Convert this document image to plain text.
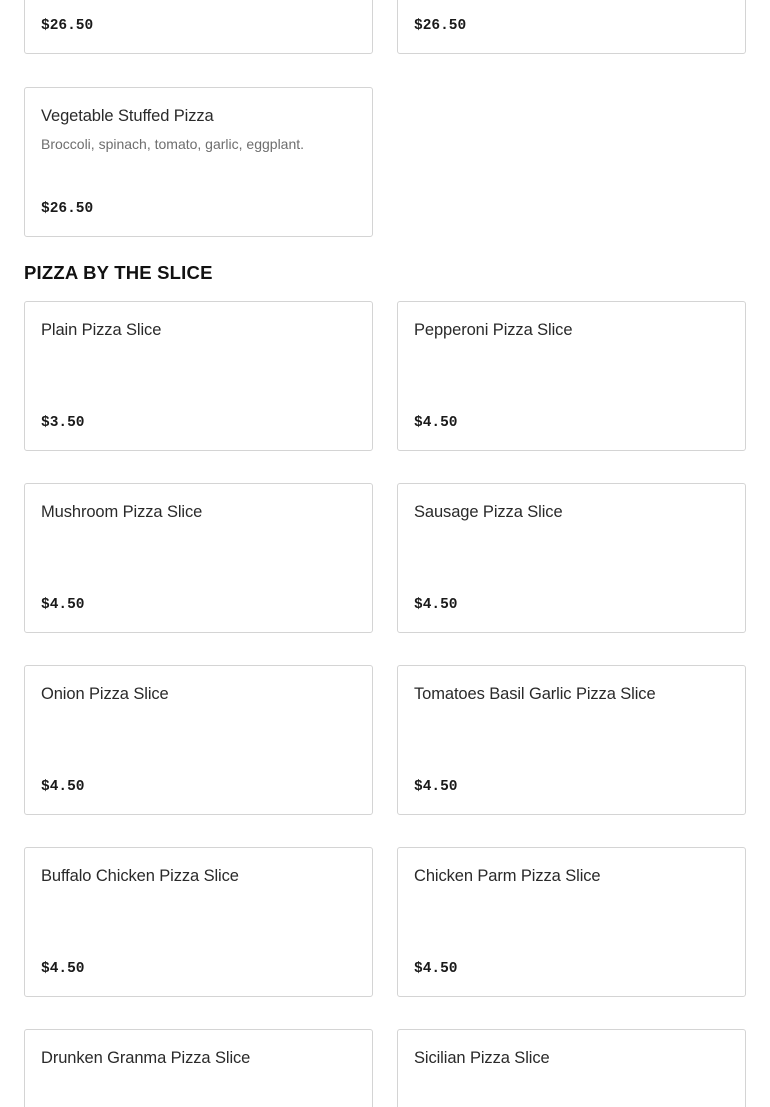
$26.50	$26.50
Vegetable Stuffed Pizza
Broccoli, spinach, tomato, garlic, eggplant.
$26.50
PIZZA BY THE SLICE
Plain Pizza Slice
$3.50
Pepperoni Pizza Slice
$4.50
Mushroom Pizza Slice
$4.50
Sausage Pizza Slice
$4.50
Onion Pizza Slice
$4.50
Tomatoes Basil Garlic Pizza Slice
$4.50
Buffalo Chicken Pizza Slice
$4.50
Chicken Parm Pizza Slice
$4.50
Drunken Granma Pizza Slice	Sicilian Pizza Slice
